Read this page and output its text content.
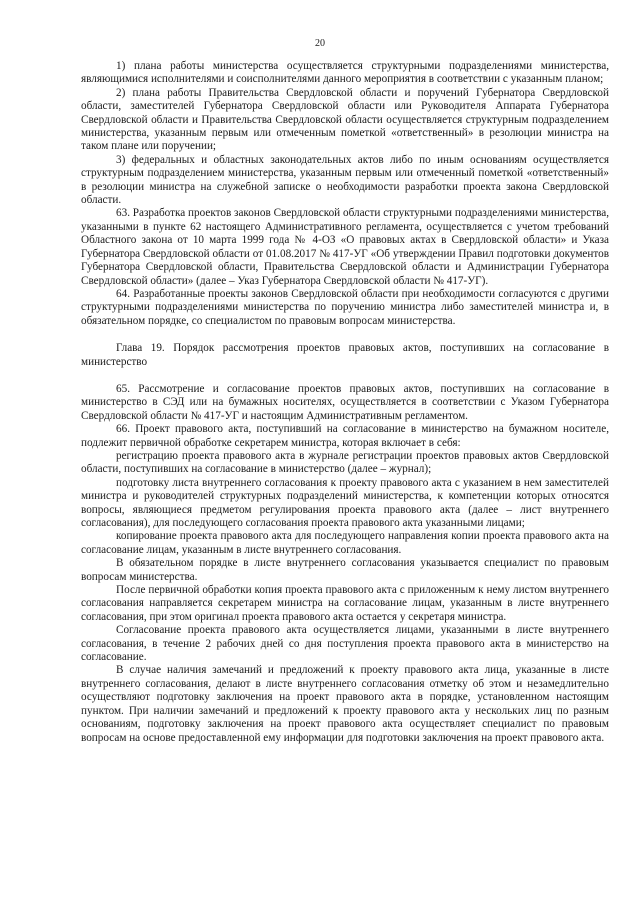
20

1) плана работы министерства осуществляется структурными подразделениями министерства, являющимися исполнителями и соисполнителями данного мероприятия в соответствии с указанным планом;

2) плана работы Правительства Свердловской области и поручений Губернатора Свердловской области, заместителей Губернатора Свердловской области или Руководителя Аппарата Губернатора Свердловской области и Правительства Свердловской области осуществляется структурным подразделением министерства, указанным первым или отмеченным пометкой «ответственный» в резолюции министра на таком плане или поручении;

3) федеральных и областных законодательных актов либо по иным основаниям осуществляется структурным подразделением министерства, указанным первым или отмеченный пометкой «ответственный» в резолюции министра на служебной записке о необходимости разработки проекта закона Свердловской области.

63. Разработка проектов законов Свердловской области структурными подразделениями министерства, указанными в пункте 62 настоящего Административного регламента, осуществляется с учетом требований Областного закона от 10 марта 1999 года № 4-ОЗ «О правовых актах в Свердловской области» и Указа Губернатора Свердловской области от 01.08.2017 № 417-УГ «Об утверждении Правил подготовки документов Губернатора Свердловской области, Правительства Свердловской области и Администрации Губернатора Свердловской области» (далее – Указ Губернатора Свердловской области № 417-УГ).

64. Разработанные проекты законов Свердловской области при необходимости согласуются с другими структурными подразделениями министерства по поручению министра либо заместителей министра и, в обязательном порядке, со специалистом по правовым вопросам министерства.

Глава 19. Порядок рассмотрения проектов правовых актов, поступивших на согласование в министерство

65. Рассмотрение и согласование проектов правовых актов, поступивших на согласование в министерство в СЭД или на бумажных носителях, осуществляется в соответствии с Указом Губернатора Свердловской области № 417-УГ и настоящим Административным регламентом.

66. Проект правового акта, поступивший на согласование в министерство на бумажном носителе, подлежит первичной обработке секретарем министра, которая включает в себя:

регистрацию проекта правового акта в журнале регистрации проектов правовых актов Свердловской области, поступивших на согласование в министерство (далее – журнал);

подготовку листа внутреннего согласования к проекту правового акта с указанием в нем заместителей министра и руководителей структурных подразделений министерства, к компетенции которых относятся вопросы, являющиеся предметом регулирования проекта правового акта (далее – лист внутреннего согласования), для последующего согласования проекта правового акта указанными лицами;

копирование проекта правового акта для последующего направления копии проекта правового акта на согласование лицам, указанным в листе внутреннего согласования.

В обязательном порядке в листе внутреннего согласования указывается специалист по правовым вопросам министерства.

После первичной обработки копия проекта правового акта с приложенным к нему листом внутреннего согласования направляется секретарем министра на согласование лицам, указанным в листе внутреннего согласования, при этом оригинал проекта правового акта остается у секретаря министра.

Согласование проекта правового акта осуществляется лицами, указанными в листе внутреннего согласования, в течение 2 рабочих дней со дня поступления проекта правового акта в министерство на согласование.

В случае наличия замечаний и предложений к проекту правового акта лица, указанные в листе внутреннего согласования, делают в листе внутреннего согласования отметку об этом и незамедлительно осуществляют подготовку заключения на проект правового акта в порядке, установленном настоящим пунктом. При наличии замечаний и предложений к проекту правового акта у нескольких лиц по разным основаниям, подготовку заключения на проект правового акта осуществляет специалист по правовым вопросам на основе предоставленной ему информации для подготовки заключения на проект правового акта.
